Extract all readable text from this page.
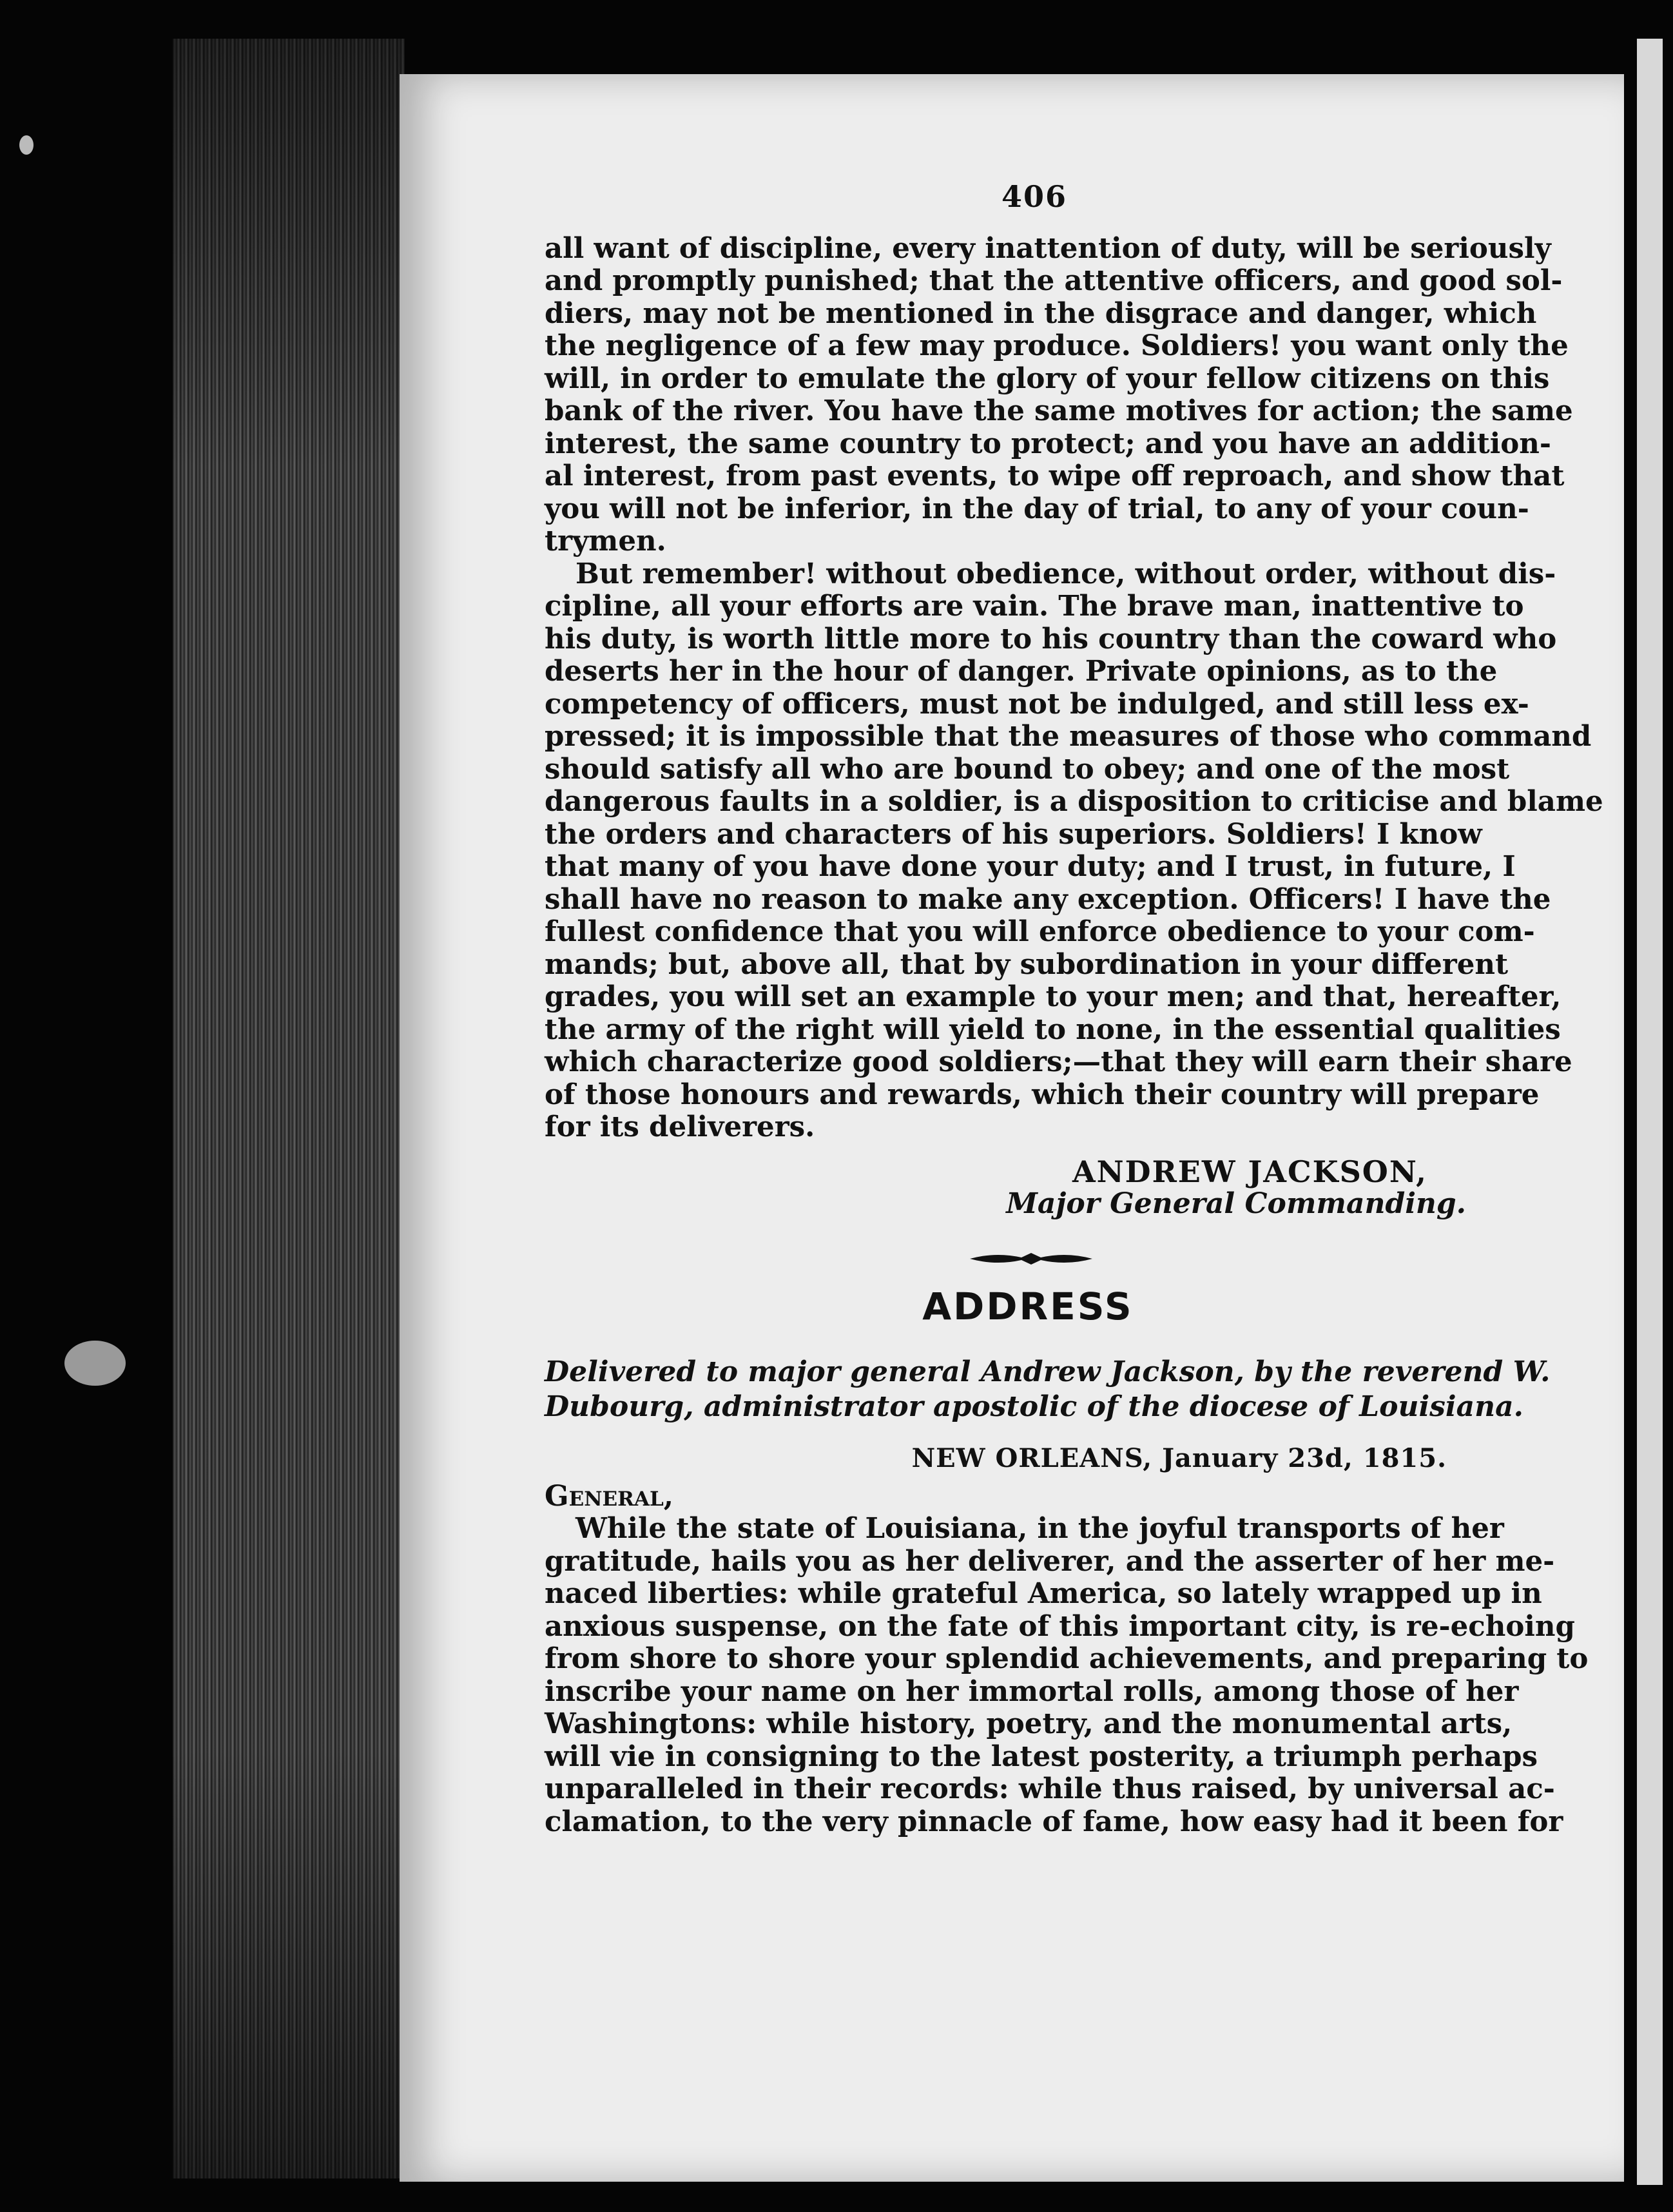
406
all want of discipline, every inattention of duty, will be seriously
and promptly punished; that the attentive officers, and good sol-
diers, may not be mentioned in the disgrace and danger, which
the negligence of a few may produce. Soldiers! you want only the
will, in order to emulate the glory of your fellow citizens on this
bank of the river. You have the same motives for action; the same
interest, the same country to protect; and you have an addition-
al interest, from past events, to wipe off reproach, and show that
you will not be inferior, in the day of trial, to any of your coun-
trymen.
But remember! without obedience, without order, without dis-
cipline, all your efforts are vain. The brave man, inattentive to
his duty, is worth little more to his country than the coward who
deserts her in the hour of danger. Private opinions, as to the
competency of officers, must not be indulged, and still less ex-
pressed; it is impossible that the measures of those who command
should satisfy all who are bound to obey; and one of the most
dangerous faults in a soldier, is a disposition to criticise and blame
the orders and characters of his superiors. Soldiers! I know
that many of you have done your duty; and I trust, in future, I
shall have no reason to make any exception. Officers! I have the
fullest confidence that you will enforce obedience to your com-
mands; but, above all, that by subordination in your different
grades, you will set an example to your men; and that, hereafter,
the army of the right will yield to none, in the essential qualities
which characterize good soldiers;—that they will earn their share
of those honours and rewards, which their country will prepare
for its deliverers.
ANDREW JACKSON,
Major General Commanding.
ADDRESS
Delivered to major general Andrew Jackson, by the reverend W.
Dubourg, administrator apostolic of the diocese of Louisiana.
NEW ORLEANS, January 23d, 1815.
General,
While the state of Louisiana, in the joyful transports of her
gratitude, hails you as her deliverer, and the asserter of her me-
naced liberties: while grateful America, so lately wrapped up in
anxious suspense, on the fate of this important city, is re-echoing
from shore to shore your splendid achievements, and preparing to
inscribe your name on her immortal rolls, among those of her
Washingtons: while history, poetry, and the monumental arts,
will vie in consigning to the latest posterity, a triumph perhaps
unparalleled in their records: while thus raised, by universal ac-
clamation, to the very pinnacle of fame, how easy had it been for
